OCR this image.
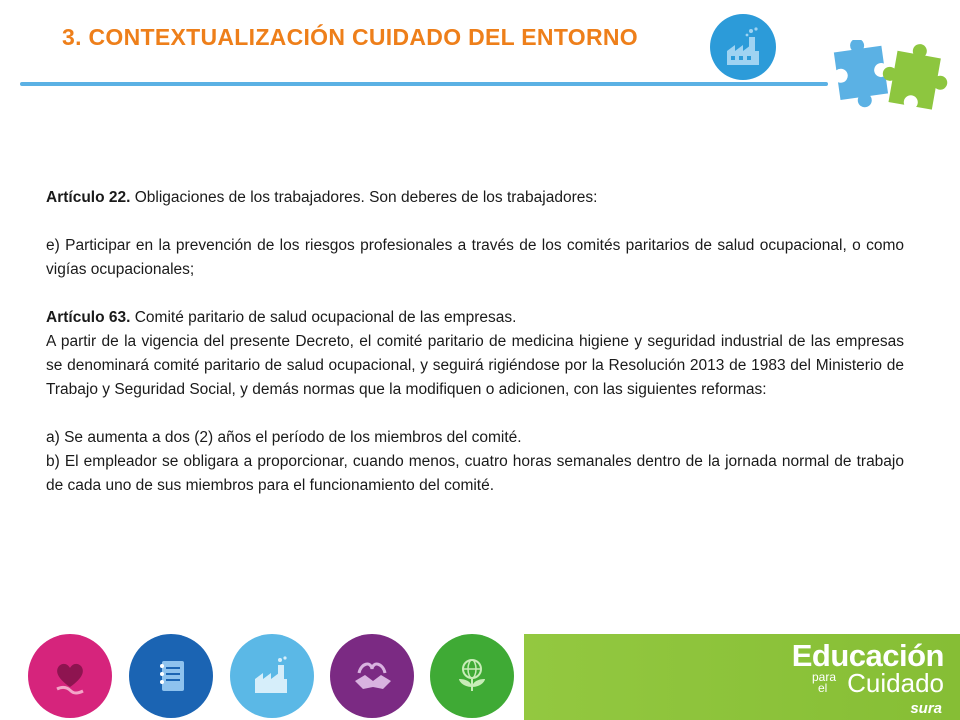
3. CONTEXTUALIZACIÓN CUIDADO DEL ENTORNO

Artículo 22. Obligaciones de los trabajadores. Son deberes de los trabajadores:

e) Participar en la prevención de los riesgos profesionales a través de los comités paritarios de salud ocupacional, o como vigías ocupacionales;

Artículo 63. Comité paritario de salud ocupacional de las empresas.

A partir de la vigencia del presente Decreto, el comité paritario de medicina higiene y seguridad industrial de las empresas se denominará comité paritario de salud ocupacional, y seguirá rigiéndose por la Resolución 2013 de 1983 del Ministerio de Trabajo y Seguridad Social, y demás normas que la modifiquen o adicionen, con las siguientes reformas:

a) Se aumenta a dos (2) años el período de los miembros del comité.

b) El empleador se obligara a proporcionar, cuando menos, cuatro horas semanales dentro de la jornada normal de trabajo de cada uno de sus miembros para el funcionamiento del comité.

Educación
para
el Cuidado
sura
